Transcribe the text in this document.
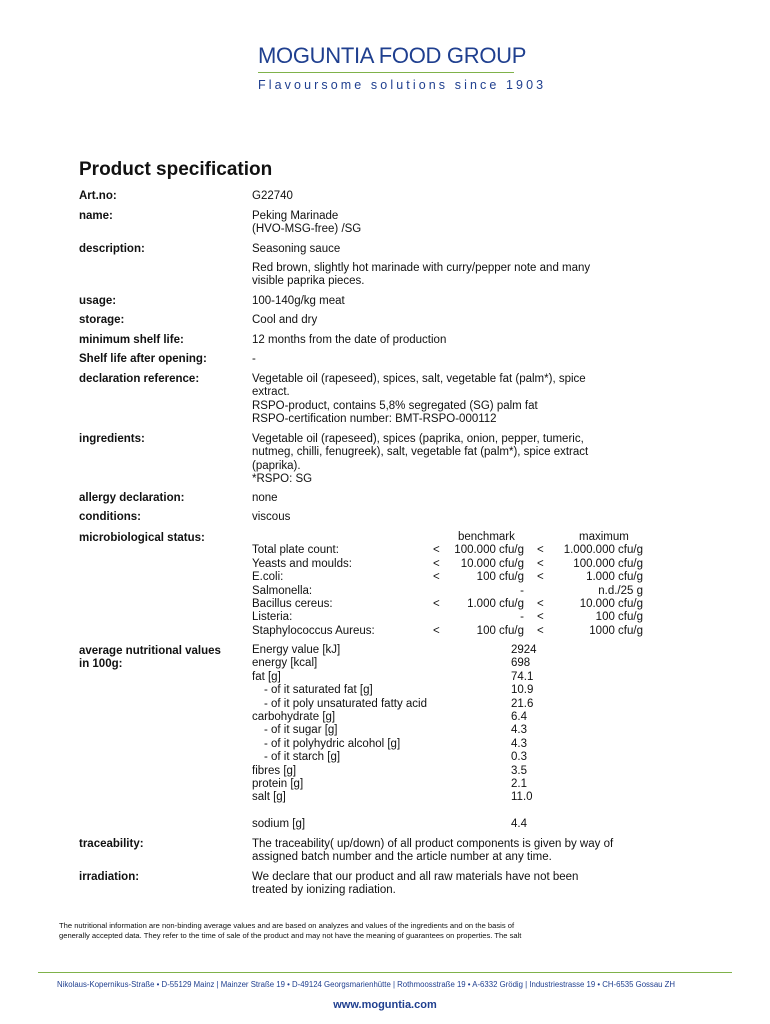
MOGUNTIA FOOD GROUP
Flavoursome solutions since 1903
Product specification
Art.no:	G22740
name:	Peking Marinade
(HVO-MSG-free) /SG
description:	Seasoning sauce
Red brown, slightly hot marinade with curry/pepper note and many
visible paprika pieces.
usage:	100-140g/kg meat
storage:	Cool and dry
minimum shelf life:	12 months from the date of production
Shelf life after opening:	-
declaration reference:	Vegetable oil (rapeseed), spices, salt, vegetable fat (palm*), spice
extract.
RSPO-product, contains 5,8% segregated (SG) palm fat
RSPO-certification number: BMT-RSPO-000112
ingredients:	Vegetable oil (rapeseed), spices (paprika, onion, pepper, tumeric,
nutmeg, chilli, fenugreek), salt, vegetable fat (palm*), spice extract
(paprika).
*RSPO: SG
allergy declaration:	none
conditions:	viscous
microbiological status:	benchmark	maximum
Total plate count:	< 100.000 cfu/g < 1.000.000 cfu/g
Yeasts and moulds:	< 10.000 cfu/g <	100.000 cfu/g
E.coli:	<	100 cfu/g <	1.000 cfu/g
Salmonella:	-	n.d./25 g
Bacillus cereus:	< 1.000 cfu/g <	10.000 cfu/g
Listeria:	- <	100 cfu/g
Staphylococcus Aureus:	<	100 cfu/g <	1000 cfu/g
average nutritional values
in 100g:
Energy value [kJ]	2924
energy [kcal]	698
fat [g]	74.1
- of it saturated fat [g]	10.9
- of it poly unsaturated fatty acid	21.6
carbohydrate [g]	6.4
- of it sugar [g]	4.3
- of it polyhydric alcohol [g]	4.3
- of it starch [g]	0.3
fibres [g]	3.5
protein [g]	2.1
salt [g]	11.0
sodium [g]	4.4
traceability:	The traceability( up/down) of all product components is given by way of
assigned batch number and the article number at any time.
irradiation:	We declare that our product and all raw materials have not been
treated by ionizing radiation.
The nutritional information are non-binding average values and are based on analyzes and values of the ingredients and on the basis of
generally accepted data. They refer to the time of sale of the product and may not have the meaning of guarantees on properties. The salt
Nikolaus-Kopernikus-Straße • D-55129 Mainz | Mainzer Straße 19 • D-49124 Georgsmarienhütte | Rothmoosstraße 19 • A-6332 Grödig | Industriestrasse 19 • CH-6535 Gossau ZH
www.moguntia.com
